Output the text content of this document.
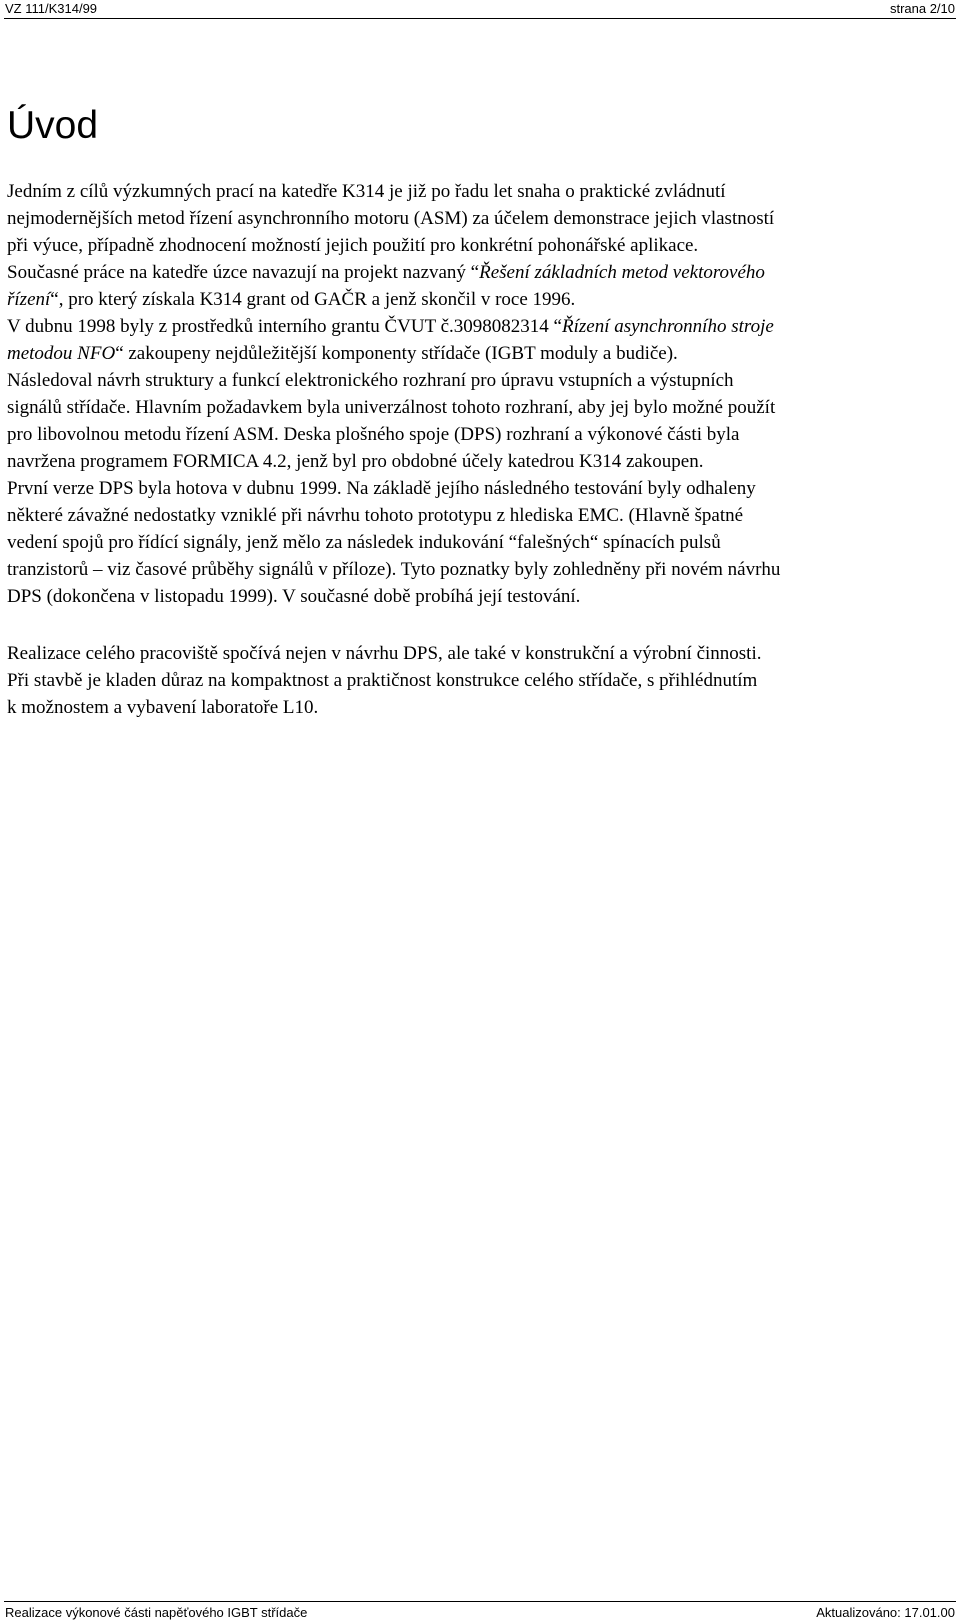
VZ 111/K314/99	strana 2/10
Úvod
Jedním z cílů výzkumných prací na katedře K314 je již po řadu let snaha o praktické zvládnutí
nejmodernějších metod řízení asynchronního motoru (ASM) za účelem demonstrace jejich vlastností
při výuce, případně zhodnocení možností jejich použití pro konkrétní pohonářské aplikace.
Současné práce na katedře úzce navazují na projekt nazvaný “Řešení základních metod vektorového
řízení“, pro který získala K314 grant od GAČR a jenž skončil v roce 1996.
V dubnu 1998 byly z prostředků interního grantu ČVUT č.3098082314 “Řízení asynchronního stroje
metodou NFO“ zakoupeny nejdůležitější komponenty střídače (IGBT moduly a budiče).
Následoval návrh struktury a funkcí elektronického rozhraní pro úpravu vstupních a výstupních
signálů střídače. Hlavním požadavkem byla univerzálnost tohoto rozhraní, aby jej bylo možné použít
pro libovolnou metodu řízení ASM. Deska plošného spoje (DPS) rozhraní a výkonové části byla
navržena programem FORMICA 4.2, jenž byl pro obdobné účely katedrou K314 zakoupen.
První verze DPS byla hotova v dubnu 1999. Na základě jejího následného testování byly odhaleny
některé závažné nedostatky vzniklé při návrhu tohoto prototypu z hlediska EMC. (Hlavně špatné
vedení spojů pro řídící signály, jenž mělo za následek indukování “falešných“ spínacích pulsů
tranzistorů – viz časové průběhy signálů v příloze). Tyto poznatky byly zohledněny při novém návrhu
DPS (dokončena v listopadu 1999). V současné době probíhá její testování.
Realizace celého pracoviště spočívá nejen v návrhu DPS, ale také v konstrukční a výrobní činnosti.
Při stavbě je kladen důraz na kompaktnost a praktičnost konstrukce celého střídače, s přihlédnutím
k možnostem a vybavení laboratoře L10.
Realizace výkonové části napěťového IGBT střídače	Aktualizováno: 17.01.00
